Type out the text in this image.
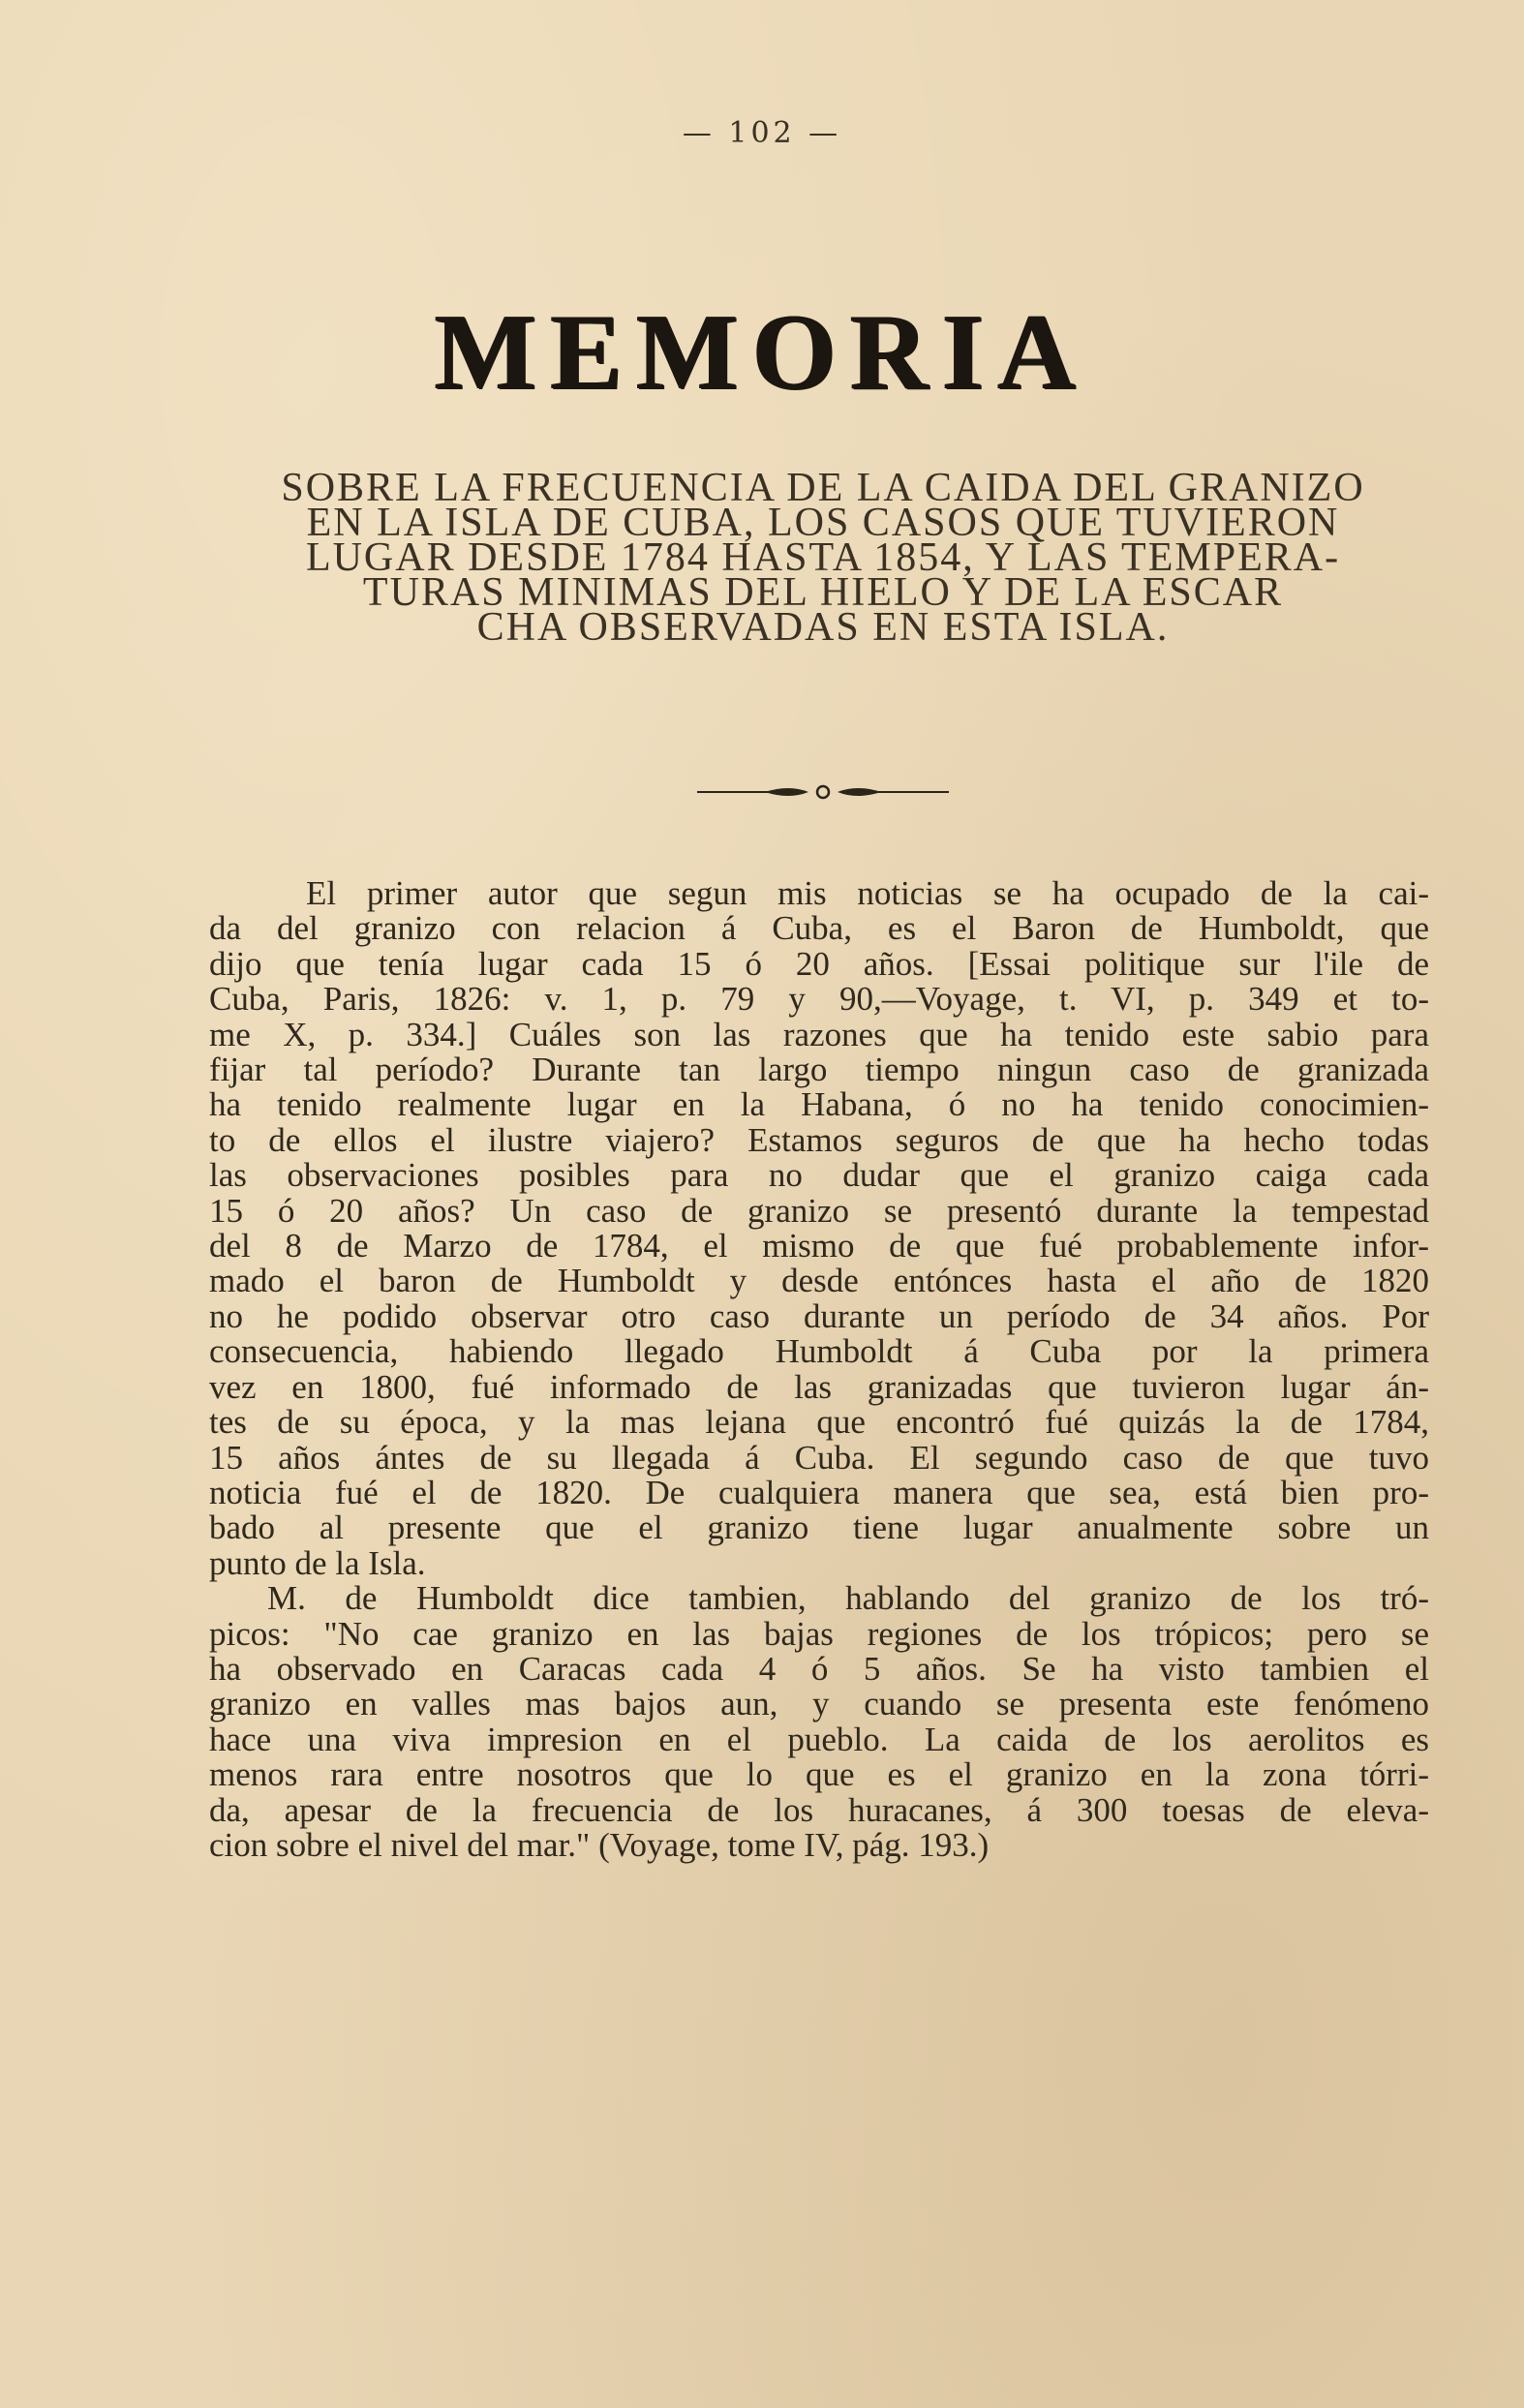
— 102 —
MEMORIA
SOBRE LA FRECUENCIA DE LA CAIDA DEL GRANIZO
EN LA ISLA DE CUBA, LOS CASOS QUE TUVIERON
LUGAR DESDE 1784 HASTA 1854, Y LAS TEMPERA-
TURAS MINIMAS DEL HIELO Y DE LA ESCAR
CHA OBSERVADAS EN ESTA ISLA.
El primer autor que segun mis noticias se ha ocupado de la cai-
da del granizo con relacion á Cuba, es el Baron de Humboldt, que
dijo que tenía lugar cada 15 ó 20 años. [Essai politique sur l'ile de
Cuba, Paris, 1826: v. 1, p. 79 y 90,—Voyage, t. VI, p. 349 et to-
me X, p. 334.] Cuáles son las razones que ha tenido este sabio para
fijar tal período? Durante tan largo tiempo ningun caso de granizada
ha tenido realmente lugar en la Habana, ó no ha tenido conocimien-
to de ellos el ilustre viajero? Estamos seguros de que ha hecho todas
las observaciones posibles para no dudar que el granizo caiga cada
15 ó 20 años? Un caso de granizo se presentó durante la tempestad
del 8 de Marzo de 1784, el mismo de que fué probablemente infor-
mado el baron de Humboldt y desde entónces hasta el año de 1820
no he podido observar otro caso durante un período de 34 años. Por
consecuencia, habiendo llegado Humboldt á Cuba por la primera
vez en 1800, fué informado de las granizadas que tuvieron lugar án-
tes de su época, y la mas lejana que encontró fué quizás la de 1784,
15 años ántes de su llegada á Cuba. El segundo caso de que tuvo
noticia fué el de 1820. De cualquiera manera que sea, está bien pro-
bado al presente que el granizo tiene lugar anualmente sobre un
punto de la Isla.
M. de Humboldt dice tambien, hablando del granizo de los tró-
picos: "No cae granizo en las bajas regiones de los trópicos; pero se
ha observado en Caracas cada 4 ó 5 años. Se ha visto tambien el
granizo en valles mas bajos aun, y cuando se presenta este fenómeno
hace una viva impresion en el pueblo. La caida de los aerolitos es
menos rara entre nosotros que lo que es el granizo en la zona tórri-
da, apesar de la frecuencia de los huracanes, á 300 toesas de eleva-
cion sobre el nivel del mar." (Voyage, tome IV, pág. 193.)
